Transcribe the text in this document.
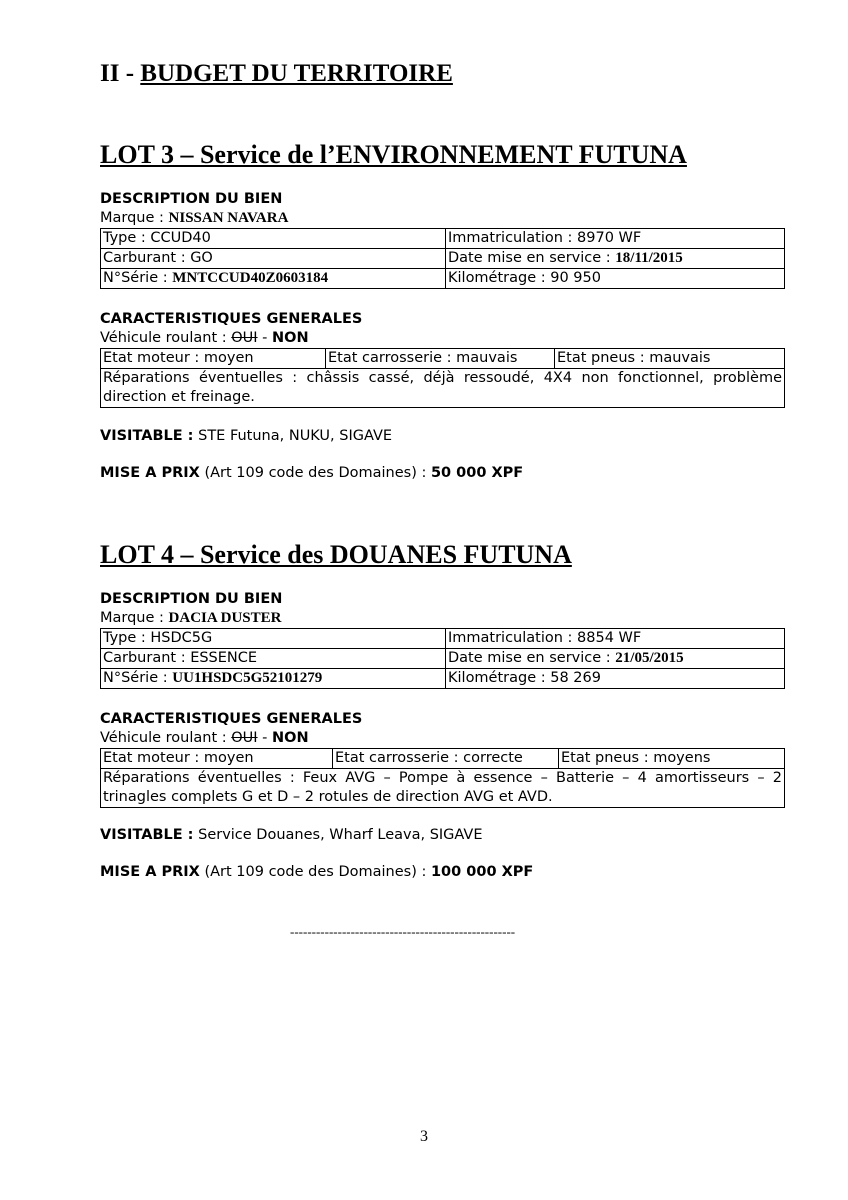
II - BUDGET DU TERRITOIRE
LOT 3 – Service de l’ENVIRONNEMENT FUTUNA
DESCRIPTION DU BIEN
Marque : NISSAN NAVARA
Type : CCUD40	Immatriculation : 8970 WF
Carburant : GO	Date mise en service : 18/11/2015
N°Série : MNTCCUD40Z0603184	Kilométrage : 90 950
CARACTERISTIQUES GENERALES
Véhicule roulant : OUI - NON
Etat moteur : moyen	Etat carrosserie : mauvais	Etat pneus : mauvais
Réparations éventuelles : châssis cassé, déjà ressoudé, 4X4 non fonctionnel, problème direction et freinage.
VISITABLE : STE Futuna, NUKU, SIGAVE
MISE A PRIX (Art 109 code des Domaines) : 50 000 XPF
LOT 4 – Service des DOUANES FUTUNA
DESCRIPTION DU BIEN
Marque : DACIA DUSTER
Type : HSDC5G	Immatriculation : 8854 WF
Carburant : ESSENCE	Date mise en service : 21/05/2015
N°Série : UU1HSDC5G52101279	Kilométrage : 58 269
CARACTERISTIQUES GENERALES
Véhicule roulant : OUI - NON
Etat moteur : moyen	Etat carrosserie : correcte	Etat pneus : moyens
Réparations éventuelles : Feux AVG – Pompe à essence – Batterie – 4 amortisseurs – 2 trinagles complets G et D – 2 rotules de direction AVG et AVD.
VISITABLE : Service Douanes, Wharf Leava, SIGAVE
MISE A PRIX (Art 109 code des Domaines) : 100 000 XPF
----------------------------------------------------
3
